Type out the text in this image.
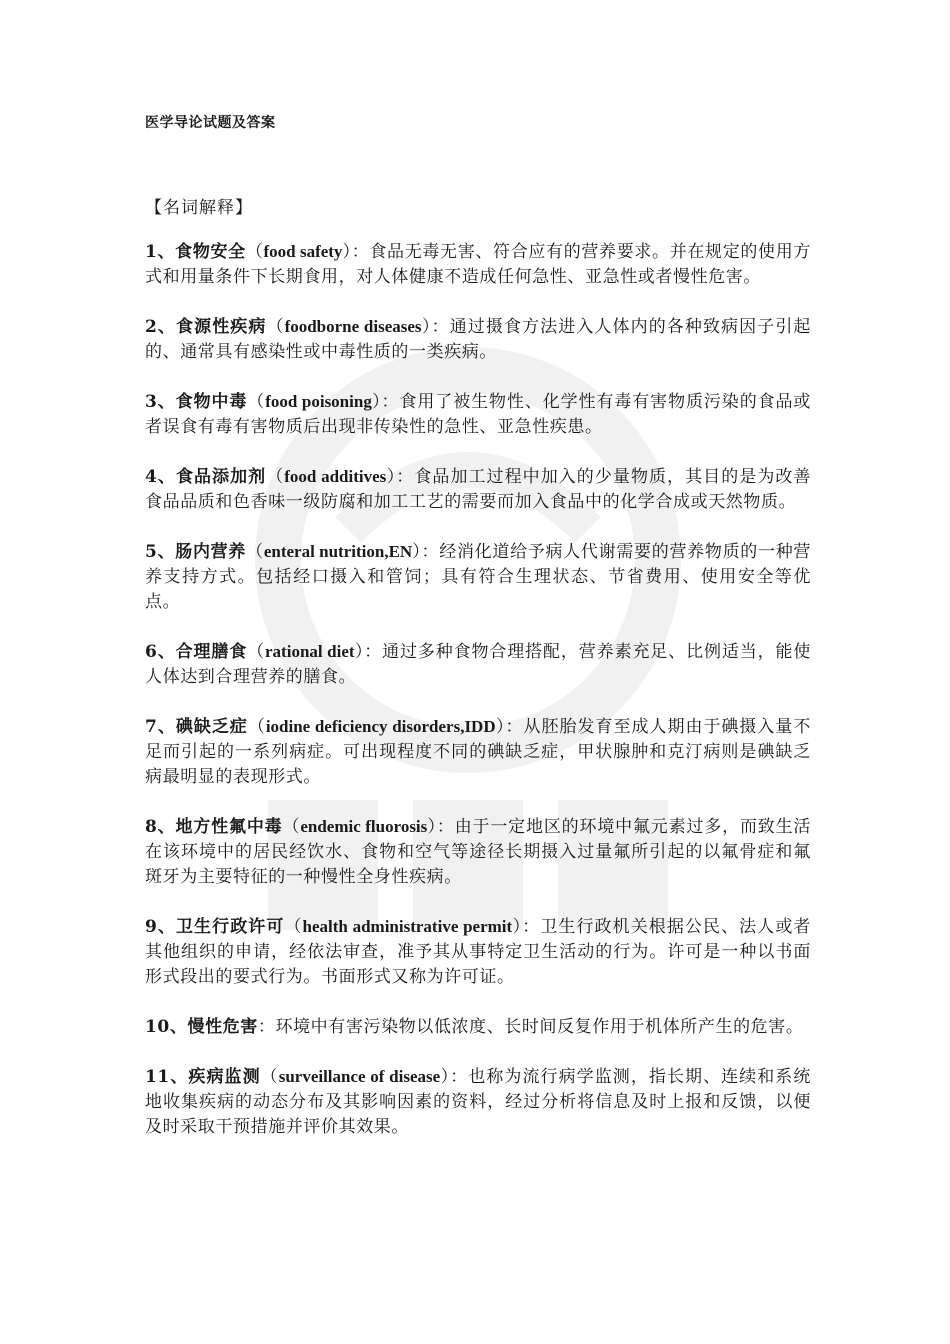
医学导论试题及答案
【名词解释】

1、食物安全（food safety）：食品无毒无害、符合应有的营养要求。并在规定的使用方式和用量条件下长期食用，对人体健康不造成任何急性、亚急性或者慢性危害。

2、食源性疾病（foodborne diseases）：通过摄食方法进入人体内的各种致病因子引起的、通常具有感染性或中毒性质的一类疾病。

3、食物中毒（food poisoning）：食用了被生物性、化学性有毒有害物质污染的食品或者误食有毒有害物质后出现非传染性的急性、亚急性疾患。

4、食品添加剂（food additives）：食品加工过程中加入的少量物质，其目的是为改善食品品质和色香味一级防腐和加工工艺的需要而加入食品中的化学合成或天然物质。

5、肠内营养（enteral nutrition,EN）：经消化道给予病人代谢需要的营养物质的一种营养支持方式。包括经口摄入和管饲；具有符合生理状态、节省费用、使用安全等优点。

6、合理膳食（rational diet）：通过多种食物合理搭配，营养素充足、比例适当，能使人体达到合理营养的膳食。

7、碘缺乏症（iodine deficiency disorders,IDD）：从胚胎发育至成人期由于碘摄入量不足而引起的一系列病症。可出现程度不同的碘缺乏症，甲状腺肿和克汀病则是碘缺乏病最明显的表现形式。

8、地方性氟中毒（endemic fluorosis）：由于一定地区的环境中氟元素过多，而致生活在该环境中的居民经饮水、食物和空气等途径长期摄入过量氟所引起的以氟骨症和氟斑牙为主要特征的一种慢性全身性疾病。

9、卫生行政许可（health administrative permit）：卫生行政机关根据公民、法人或者其他组织的申请，经依法审查，准予其从事特定卫生活动的行为。许可是一种以书面形式段出的要式行为。书面形式又称为许可证。

10、慢性危害：环境中有害污染物以低浓度、长时间反复作用于机体所产生的危害。

11、疾病监测（surveillance of disease）：也称为流行病学监测，指长期、连续和系统地收集疾病的动态分布及其影响因素的资料，经过分析将信息及时上报和反馈，以便及时采取干预措施并评价其效果。
